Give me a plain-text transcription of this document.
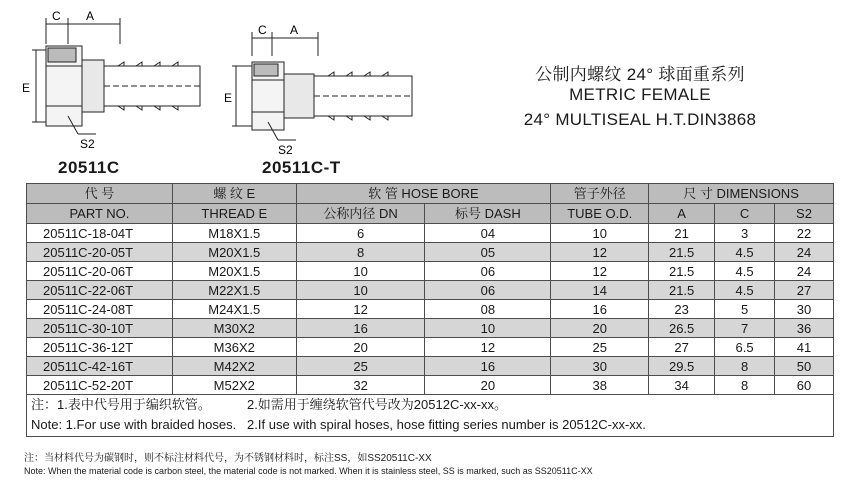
C A
E
S2
C A
E
S2
20511C	20511C-T
公制内螺纹 24° 球面重系列
METRIC FEMALE
24° MULTISEAL H.T.DIN3868
代 号	螺 纹 E	软 管 HOSE BORE		管子外径	尺 寸 DIMENSIONS		
PART NO.	THREAD E	公称内径 DN	标号 DASH	TUBE O.D.	A	C	S2
20511C-18-04T	M18X1.5	6	04	10	21	3	22
20511C-20-05T	M20X1.5	8	05	12	21.5	4.5	24
20511C-20-06T	M20X1.5	10	06	12	21.5	4.5	24
20511C-22-06T	M22X1.5	10	06	14	21.5	4.5	27
20511C-24-08T	M24X1.5	12	08	16	23	5	30
20511C-30-10T	M30X2	16	10	20	26.5	7	36
20511C-36-12T	M36X2	20	12	25	27	6.5	41
20511C-42-16T	M42X2	25	16	30	29.5	8	50
20511C-52-20T	M52X2	32	20	38	34	8	60

注：1.表中代号用于编织软管。          2.如需用于缠绕软管代号改为20512C-xx-xx。
Note: 1.For use with braided hoses.   2.If use with spiral hoses, hose fitting series number is 20512C-xx-xx.							
注：当材料代号为碳钢时，则不标注材料代号，为不锈钢材料时，标注SS，如SS20511C-XX
Note: When the material code is carbon steel, the material code is not marked. When it is stainless steel, SS is marked, such as SS20511C-XX
